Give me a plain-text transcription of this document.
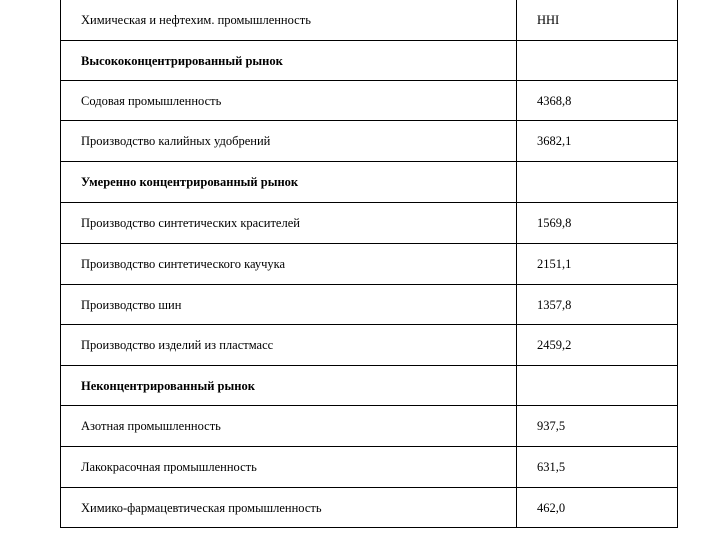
Химическая и нефтехим. промышленность	HHI
Высококонцентрированный рынок	
Содовая промышленность	4368,8
Производство калийных удобрений	3682,1
Умеренно концентрированный рынок	
Производство синтетических красителей	1569,8
Производство синтетического каучука	2151,1
Производство шин	1357,8
Производство изделий из пластмасс	2459,2
Неконцентрированный рынок	
Азотная промышленность	937,5
Лакокрасочная промышленность	631,5
Химико-фармацевтическая промышленность	462,0
